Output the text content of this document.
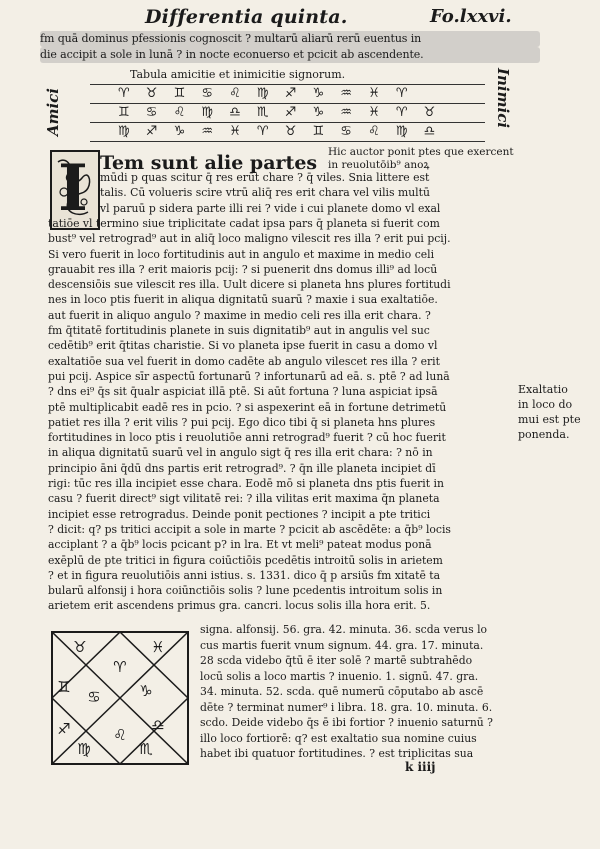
Differentia quinta.	Fo.lxxvi.
fm quā dominus pfessionis cognoscit ? multarū aliarū rerū euentus in
die accipit a sole in lunā ? in nocte econuerso et pcicit ab ascendente.
Tabula amicitie et inimicitie signorum.
Amici	Inimici
♈ ♉ ♊ ♋ ♌ ♍ ♐ ♑ ♒ ♓ ♈
♊ ♋ ♌ ♍ ♎ ♏ ♐ ♑ ♒ ♓ ♈ ♉
♍ ♐ ♑ ♒ ♓ ♈ ♉ ♊ ♋ ♌ ♍ ♎
I Tem sunt alie partes Hic auctor ponit ptes que exercent in reuolutōib⁹ anoꝝ
mūdi p quas scitur q̄ res erūt chare ? q̄ viles. Snia littere est
talis. Cū volueris scire vtrū aliq̄ res erit chara vel vilis multū
vl paruū p sidera parte illi rei ? vide i cui planete domo vl exal
tatiōe vl termino siue triplicitate cadat ipsa pars q̄ planeta si fuerit com
bust⁹ vel retrograd⁹ aut in aliq̄ loco maligno vilescit res illa ? erit pui pcij.
Si vero fuerit in loco fortitudinis aut in angulo et maxime in medio celi
grauabit res illa ? erit maioris pcij: ? si puenerit dns domus illi⁹ ad locū
descensiōis sue vilescit res illa. Uult dicere si planeta hns plures fortitudi
nes in loco ptis fuerit in aliqua dignitatū suarū ? maxie i sua exaltatiōe.
aut fuerit in aliquo angulo ? maxime in medio celi res illa erit chara. ?
fm q̄titatē fortitudinis planete in suis dignitatib⁹ aut in angulis vel suc
cedētib⁹ erit q̄titas charistie. Si vo planeta ipse fuerit in casu a domo vl
exaltatiōe sua vel fuerit in domo cadēte ab angulo vilescet res illa ? erit
pui pcij. Aspice sīr aspectū fortunarū ? infortunarū ad eā. s. ptē ? ad lunā
? dns ei⁹ q̄s sit q̄ualr aspiciat illā ptē. Si aūt fortuna ? luna aspiciat ipsā
ptē multiplicabit eadē res in pcio. ? si aspexerint eā in fortune detrimetū
patiet res illa ? erit vilis ? pui pcij. Ego dico tibi q̄ si planeta hns plures
fortitudines in loco ptis i reuolutiōe anni retrograd⁹ fuerit ? cū hoc fuerit
in aliqua dignitatū suarū vel in angulo sigt q̄ res illa erit chara: ? nō in
principio āni q̄dū dns partis erit retrograd⁹. ? q̄n ille planeta incipiet dī
rigi: tūc res illa incipiet esse chara. Eodē mō si planeta dns ptis fuerit in
casu ? fuerit direct⁹ sigt vilitatē rei: ? illa vilitas erit maxima q̄n planeta
incipiet esse retrogradus. Deinde ponit pectiones ? incipit a pte tritici
? dicit: q? ps tritici accipit a sole in marte ? pcicit ab ascēdēte: a q̄b⁹ locis
acciplant ? a q̄b⁹ locis pcicant p? in lra. Et vt meli⁹ pateat modus ponā
exēplū de pte tritici in figura coiūctiōis pcedētis introitū solis in arietem
? et in figura reuolutiōis anni istius. s. 1331. dico q̄ p arsiūs fm xitatē ta
bularū alfonsij i hora coiūnctiōis solis ? lune pcedentis introitum solis in
arietem erit ascendens primus gra. cancri. locus solis illa hora erit. 5.
Exaltatio
in loco do
mui est pte
ponenda.
♉
♈
♓
♊	♑
♋
♐	♌
♎
♏
♍
signa. alfonsij. 56. gra. 42. minuta. 36. scda verus lo
cus martis fuerit vnum signum. 44. gra. 17. minuta.
28 scda videbo q̄tū ē iter solē ? martē subtrahēdo
locū solis a loco martis ? inuenio. 1. signū. 47. gra.
34. minuta. 52. scda. quē numerū cōputabo ab ascē
dēte ? terminat numer⁹ i libra. 18. gra. 10. minuta. 6.
scdo. Deide videbo q̄s ē ibi fortior ? inuenio saturnū ?
illo loco fortiorē: q? est exaltatio sua nomine cuius
habet ibi quatuor fortitudines. ? est triplicitas sua
k iiij
